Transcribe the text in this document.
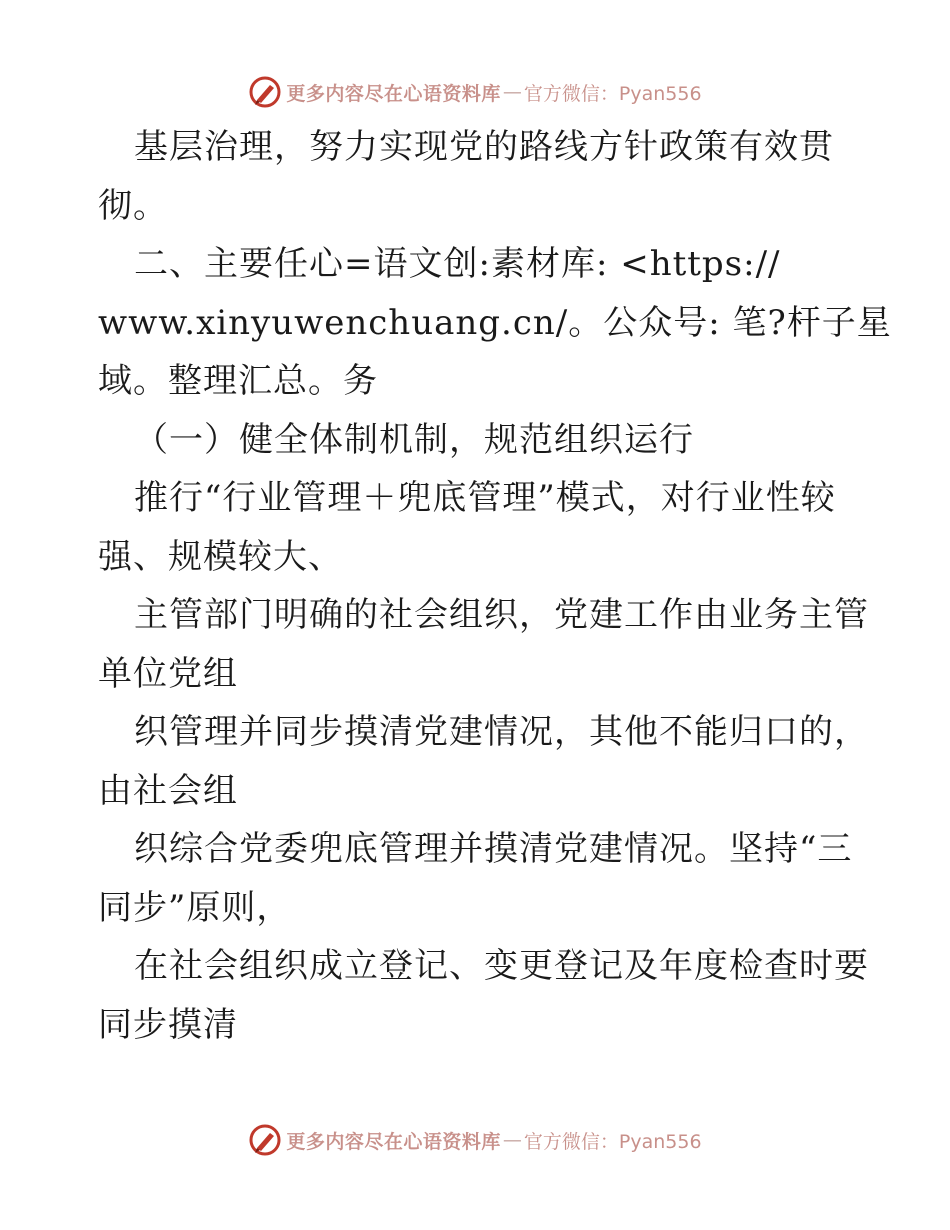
更多内容尽在心语资料库 — 官方微信：Pyan556
基层治理，努力实现党的路线方针政策有效贯
彻。
二、主要任心=语文创:素材库: <https://
www.xinyuwenchuang.cn/。公众号: 笔?杆子星
域。整理汇总。务
（一）健全体制机制，规范组织运行
推行“行业管理＋兜底管理”模式，对行业性较
强、规模较大、
主管部门明确的社会组织，党建工作由业务主管
单位党组
织管理并同步摸清党建情况，其他不能归口的，
由社会组
织综合党委兜底管理并摸清党建情况。坚持“三
同步”原则，
在社会组织成立登记、变更登记及年度检查时要
同步摸清
更多内容尽在心语资料库 — 官方微信：Pyan556
